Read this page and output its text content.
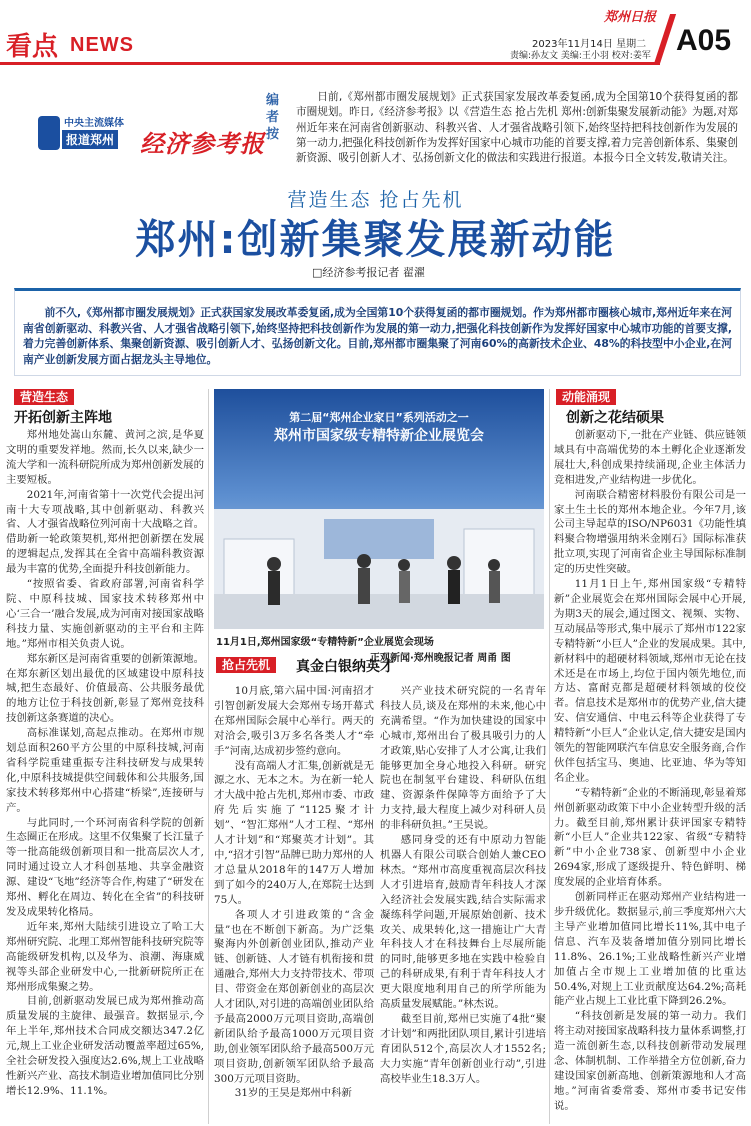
看点 NEWS
郑州日报
2023年11月14日 星期二
责编:孙友文 美编:王小羽 校对:姜军 A05
中央主流媒体
报道郑州 经济参考报
编者按
日前,《郑州都市圈发展规划》正式获国家发展改革委复函,成为全国第10个获得复函的都市圈规划。昨日,《经济参考报》以《营造生态 抢占先机 郑州:创新集聚发展新动能》为题,对郑州近年来在河南省创新驱动、科教兴省、人才强省战略引领下,始终坚持把科技创新作为发展的第一动力,把强化科技创新作为发挥好国家中心城市功能的首要支撑,着力完善创新体系、集聚创新资源、吸引创新人才、弘扬创新文化的做法和实践进行报道。本报今日全文转发,敬请关注。
营造生态 抢占先机
郑州:创新集聚发展新动能
□经济参考报记者 翟濯
前不久,《郑州都市圈发展规划》正式获国家发展改革委复函,成为全国第10个获得复函的都市圈规划。作为郑州都市圈核心城市,郑州近年来在河南省创新驱动、科教兴省、人才强省战略引领下,始终坚持把科技创新作为发展的第一动力,把强化科技创新作为发挥好国家中心城市功能的首要支撑,着力完善创新体系、集聚创新资源、吸引创新人才、弘扬创新文化。目前,郑州都市圈集聚了河南60%的高新技术企业、48%的科技型中小企业,在河南产业创新发展方面占据龙头主导地位。
营造生态
开拓创新主阵地

郑州地处嵩山东麓、黄河之滨,是华夏文明的重要发祥地。然而,长久以来,缺少一流大学和一流科研院所成为郑州创新发展的主要短板。

2021年,河南省第十一次党代会提出河南十大专项战略,其中创新驱动、科教兴省、人才强省战略位列河南十大战略之首。借助新一轮政策契机,郑州把创新摆在发展的逻辑起点,发挥其在全省中高端科教资源最为丰富的优势,全面提升科技创新能力。

“按照省委、省政府部署,河南省科学院、中原科技城、国家技术转移郑州中心‘三合一’融合发展,成为河南对接国家战略科技力量、实施创新驱动的主平台和主阵地。”郑州市相关负责人说。

郑东新区是河南省重要的创新策源地。在郑东新区划出最优的区域建设中原科技城,把生态最好、价值最高、公共服务最优的地方让位于科技创新,彰显了郑州竞技科技创新这条赛道的决心。

高标准谋划,高起点推动。在郑州市规划总面积260平方公里的中原科技城,河南省科学院重建重振专注科技研发与成果转化,中原科技城提供空间载体和公共服务,国家技术转移郑州中心搭建“桥梁”,连接研与产。

与此同时,一个环河南省科学院的创新生态圈正在形成。这里不仅集聚了长江量子等一批高能级创新项目和一批高层次人才,同时通过设立人才科创基地、共享金融资源、建设“飞地”经济等合作,构建了“研发在郑州、孵化在周边、转化在全省”的科技研发及成果转化格局。

近年来,郑州大陆续引进设立了哈工大郑州研究院、北理工郑州智能科技研究院等高能级研发机构,以及华为、浪潮、海康威视等头部企业研发中心,一批新研院所正在郑州形成集聚之势。

目前,创新驱动发展已成为郑州推动高质量发展的主旋律、最强音。数据显示,今年上半年,郑州技术合同成交额达347.2亿元,规上工业企业研发活动覆盖率超过65%,全社会研发投入强度达2.6%,规上工业战略性新兴产业、高技术制造业增加值同比分别增长12.9%、11.1%。

第二届“郑州企业家日”系列活动之一
郑州市国家级专精特新企业展览会
11月1日,郑州国家级“专精特新”企业展览会现场
正观新闻·郑州晚报记者 周甬 图
抢占先机	真金白银纳英才

10月底,第六届中国·河南招才引智创新发展大会郑州专场开幕式在郑州国际会展中心举行。两天的对洽会,吸引3万多名各类人才“牵手”河南,达成初步签约意向。

没有高端人才汇集,创新就是无源之水、无本之木。为在新一轮人才大战中抢占先机,郑州市委、市政府先后实施了“1125聚才计划”、“智汇郑州”人才工程、“郑州人才计划”和“郑聚英才计划”。其中,“招才引智”品牌已助力郑州的人才总量从2018年的147万人增加到了如今的240万人,在郑院士达到75人。

各项人才引进政策的“含金量”也在不断创下新高。为广泛集聚海内外创新创业团队,推动产业链、创新链、人才链有机衔接和贯通融合,郑州大力支持带技术、带项目、带资金在郑创新创业的高层次人才团队,对引进的高端创业团队给予最高2000万元项目资助,高端创新团队给予最高1000万元项目资助,创业领军团队给予最高500万元项目资助,创新领军团队给予最高300万元项目资助。

31岁的王昊是郑州中科新

兴产业技术研究院的一名青年科技人员,谈及在郑州的未来,他心中充满希望。“作为加快建设的国家中心城市,郑州出台了极具吸引力的人才政策,贴心安排了人才公寓,让我们能够更加全身心地投入科研。研究院也在制氢平台建设、科研队伍组建、资源条件保障等方面给予了大力支持,最大程度上减少对科研人员的非科研负担。”王昊说。

感同身受的还有中原动力智能机器人有限公司联合创始人兼CEO林杰。“郑州市高度重视高层次科技人才引进培育,鼓励青年科技人才深入经济社会发展实践,结合实际需求凝练科学问题,开展原始创新、技术攻关、成果转化,这一措施让广大青年科技人才在科技舞台上尽展所能的同时,能够更多地在实践中检验自己的科研成果,有利于青年科技人才更大限度地利用自己的所学所能为高质量发展赋能。”林杰说。

截至目前,郑州已实施了4批“聚才计划”和两批团队项目,累计引进培育团队512个,高层次人才1552名;大力实施“青年创新创业行动”,引进高校毕业生18.3万人。

动能涌现
创新之花结硕果

创新驱动下,一批在产业链、供应链领域具有中高端优势的本土孵化企业逐渐发展壮大,科创成果持续涌现,企业主体活力竞相进发,产业结构进一步优化。

河南联合精密材料股份有限公司是一家土生土长的郑州本地企业。今年7月,该公司主导起草的ISO/NP6031《功能性填料聚合物增强用纳米金刚石》国际标准获批立项,实现了河南省企业主导国际标准制定的历史性突破。

11月1日上午,郑州国家级“专精特新”企业展览会在郑州国际会展中心开展,为期3天的展会,通过图文、视频、实物、互动展品等形式,集中展示了郑州市122家专精特新“小巨人”企业的发展成果。其中,新材料中的超硬材料领域,郑州市无论在技术还是在市场上,均位于国内领先地位,而方达、富耐克都是超硬材料领域的佼佼者。信息技术是郑州市的优势产业,信大捷安、信安通信、中电云科等企业获得了专精特新“小巨人”企业认定,信大捷安是国内领先的智能网联汽车信息安全服务商,合作伙伴包括宝马、奥迪、比亚迪、华为等知名企业。

“专精特新”企业的不断涌现,彰显着郑州创新驱动政策下中小企业转型升级的活力。截至目前,郑州累计获评国家专精特新“小巨人”企业共122家、省级“专精特新”中小企业738家、创新型中小企业2694家,形成了逐级提升、特色鲜明、梯度发展的企业培育体系。

创新同样正在驱动郑州产业结构进一步升级优化。数据显示,前三季度郑州六大主导产业增加值同比增长11%,其中电子信息、汽车及装备增加值分别同比增长11.8%、26.1%;工业战略性新兴产业增加值占全市规上工业增加值的比重达50.4%,对规上工业贡献度达64.2%;高耗能产业占规上工业比重下降到26.2%。

“科技创新是发展的第一动力。我们将主动对接国家战略科技力量体系调整,打造一流创新生态,以科技创新带动发展理念、体制机制、工作举措全方位创新,奋力建设国家创新高地、创新策源地和人才高地。”河南省委常委、郑州市委书记安伟说。
